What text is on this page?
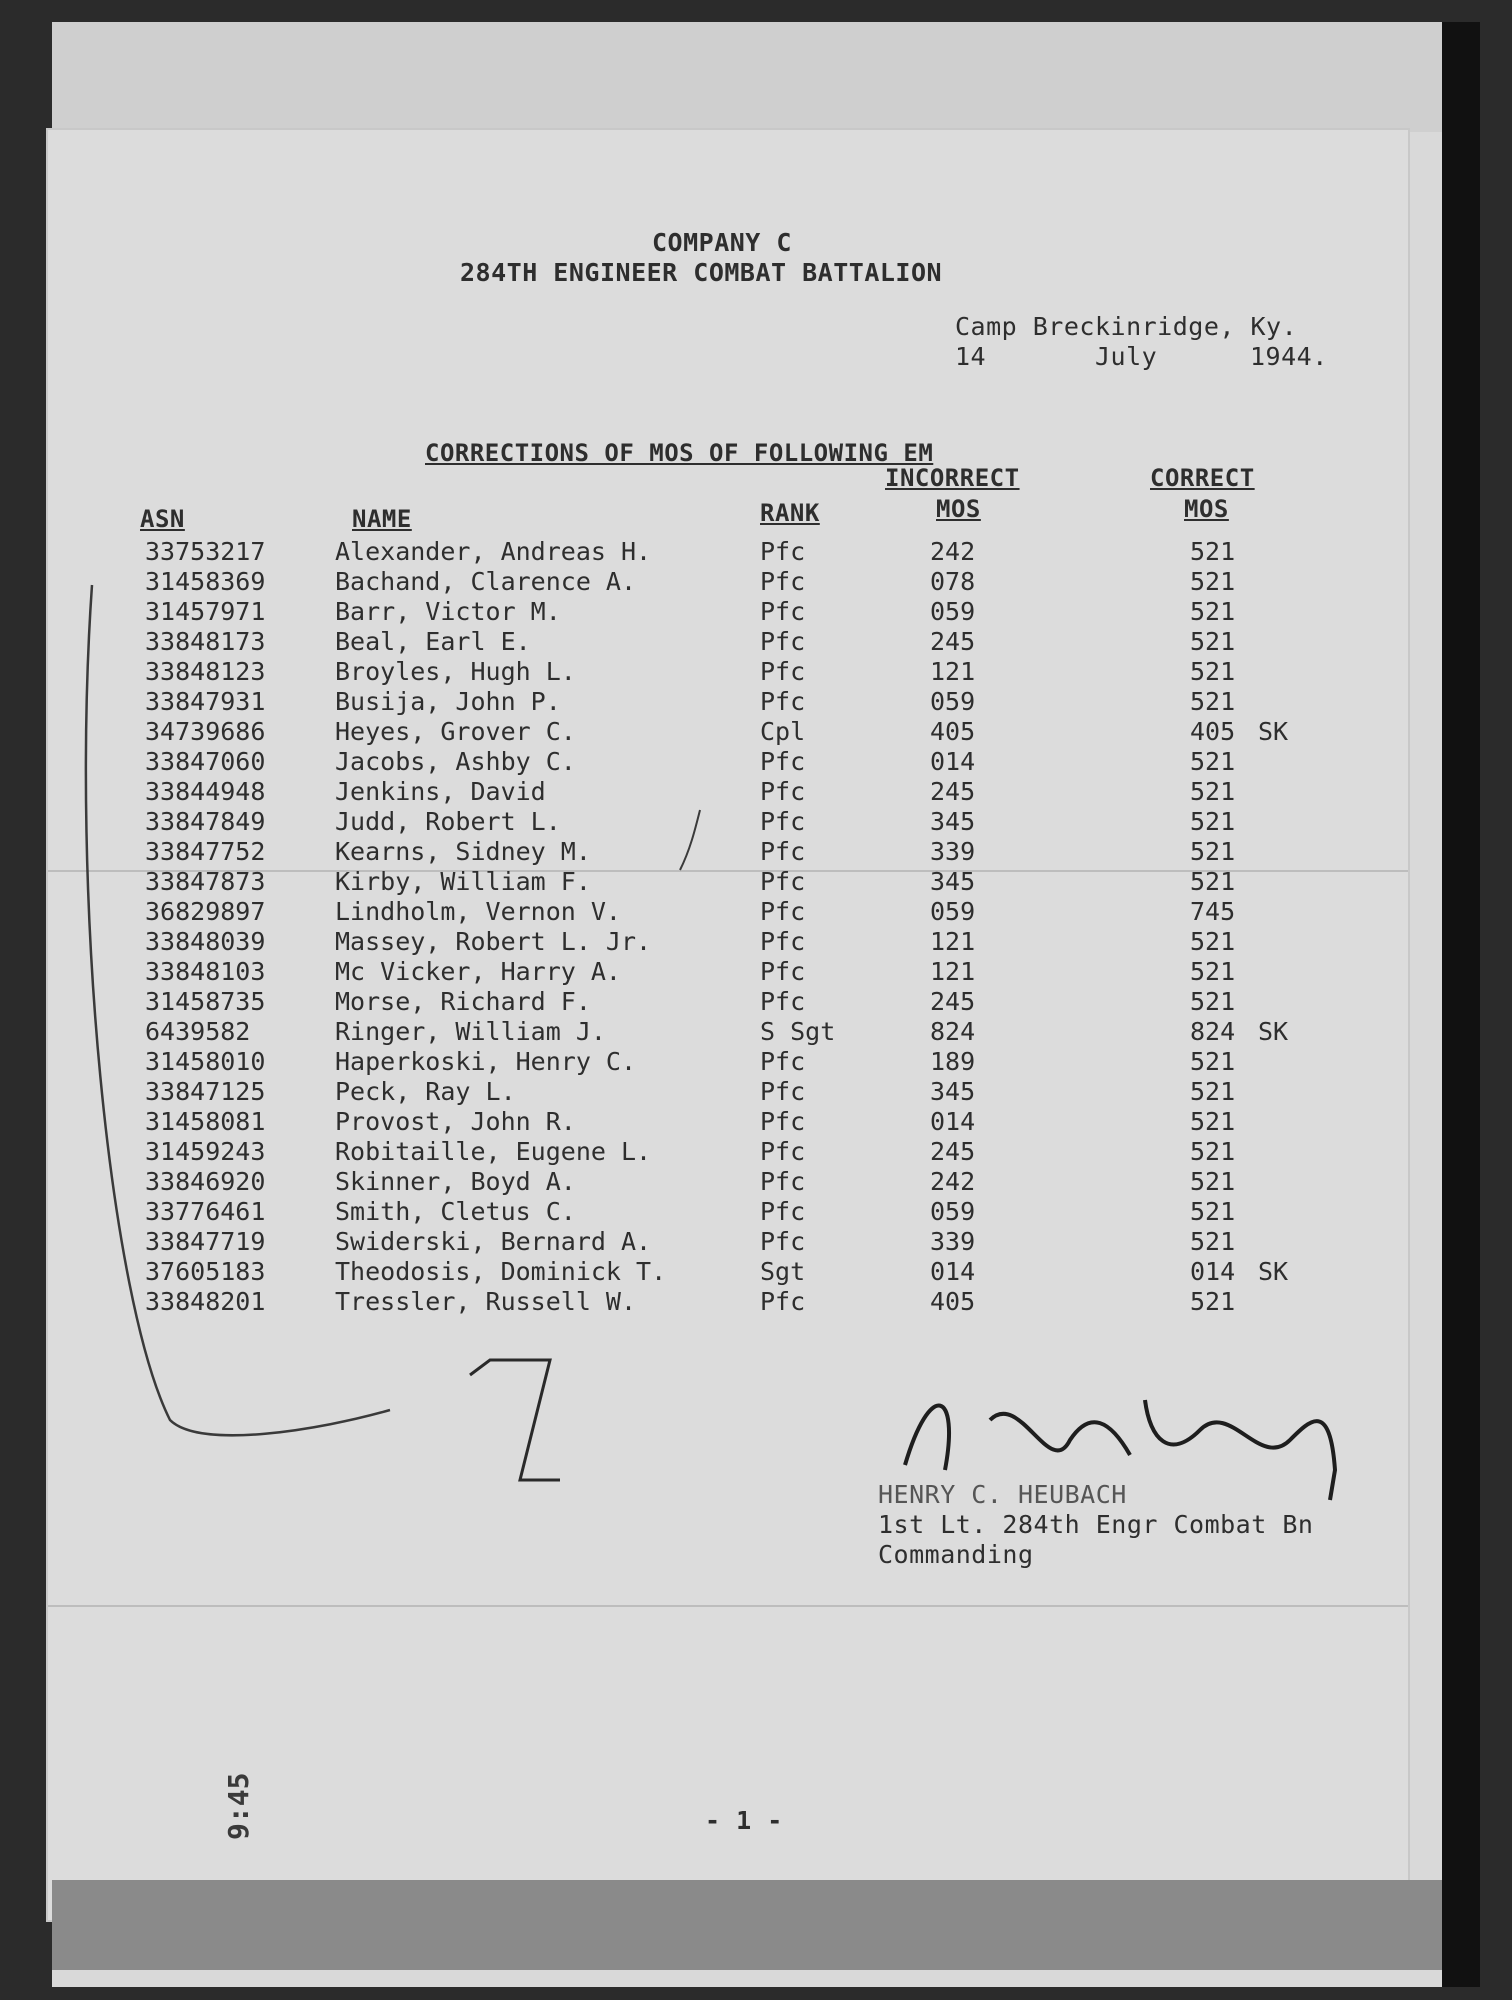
COMPANY C
284TH ENGINEER COMBAT BATTALION
Camp Breckinridge, Ky.
14	July	1944.
CORRECTIONS OF MOS OF FOLLOWING EM
INCORRECT	CORRECT
ASN	NAME	RANK	MOS	MOS
33753217	Alexander, Andreas H.	Pfc	242	521
31458369	Bachand, Clarence A.	Pfc	078	521
31457971	Barr, Victor M.	Pfc	059	521
33848173	Beal, Earl E.	Pfc	245	521
33848123	Broyles, Hugh L.	Pfc	121	521
33847931	Busija, John P.	Pfc	059	521
34739686	Heyes, Grover C.	Cpl	405	405 SK
33847060	Jacobs, Ashby C.	Pfc	014	521
33844948	Jenkins, David	Pfc	245	521
33847849	Judd, Robert L.	Pfc	345	521
33847752	Kearns, Sidney M.	Pfc	339	521
33847873	Kirby, William F.	Pfc	345	521
36829897	Lindholm, Vernon V.	Pfc	059	745
33848039	Massey, Robert L. Jr.	Pfc	121	521
33848103	Mc Vicker, Harry A.	Pfc	121	521
31458735	Morse, Richard F.	Pfc	245	521
6439582	Ringer, William J.	S Sgt	824	824 SK
31458010	Haperkoski, Henry C.	Pfc	189	521
33847125	Peck, Ray L.	Pfc	345	521
31458081	Provost, John R.	Pfc	014	521
31459243	Robitaille, Eugene L.	Pfc	245	521
33846920	Skinner, Boyd A.	Pfc	242	521
33776461	Smith, Cletus C.	Pfc	059	521
33847719	Swiderski, Bernard A.	Pfc	339	521
37605183	Theodosis, Dominick T.	Sgt	014	014 SK
33848201	Tressler, Russell W.	Pfc	405	521
HENRY C. HEUBACH
1st Lt. 284th Engr Combat Bn
Commanding
- 1 -
9:45
